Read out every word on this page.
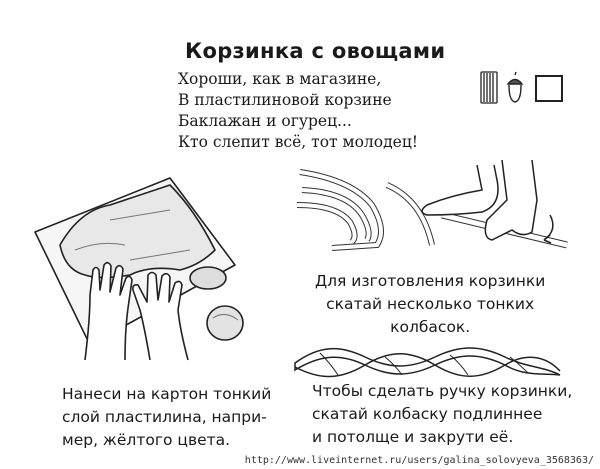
Корзинка с овощами
Хороши, как в магазине,
В пластилиновой корзине
Баклажан и огурец...
Кто слепит всё, тот молодец!
Нанеси на картон тонкий
слой пластилина, напри-
мер, жёлтого цвета.
Для изготовления корзинки
скатай несколько тонких
колбасок.
Чтобы сделать ручку корзинки,
скатай колбаску подлиннее
и потолще и закрути её.
http://www.liveinternet.ru/users/galina_solovyeva_3568363/
